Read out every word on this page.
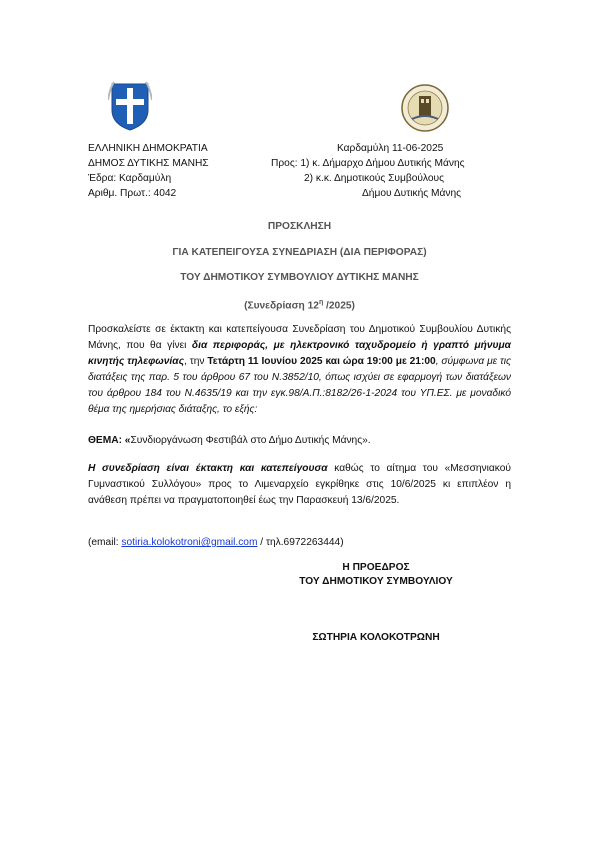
ΕΛΛΗΝΙΚΗ ΔΗΜΟΚΡΑΤΙΑ
ΔΗΜΟΣ ΔΥΤΙΚΗΣ ΜΑΝΗΣ
Έδρα: Καρδαμύλη
Αριθμ. Πρωτ.: 4042
Καρδαμύλη 11-06-2025
Προς: 1) κ. Δήμαρχο Δήμου Δυτικής Μάνης
2) κ.κ. Δημοτικούς Συμβούλους
Δήμου Δυτικής Μάνης
ΠΡΟΣΚΛΗΣΗ
ΓΙΑ ΚΑΤΕΠΕΙΓΟΥΣΑ ΣΥΝΕΔΡΙΑΣΗ (ΔΙΑ ΠΕΡΙΦΟΡΑΣ)
ΤΟΥ ΔΗΜΟΤΙΚΟΥ ΣΥΜΒΟΥΛΙΟΥ ΔΥΤΙΚΗΣ ΜΑΝΗΣ
(Συνεδρίαση $12^\eta$ /2025)
Προσκαλείστε σε έκτακτη και κατεπείγουσα Συνεδρίαση του Δημοτικού Συμβουλίου Δυτικής Μάνης, που θα γίνει δια περιφοράς, με ηλεκτρονικό ταχυδρομείο ή γραπτό μήνυμα κινητής τηλεφωνίας, την Τετάρτη 11 Ιουνίου 2025 και ώρα 19:00 με 21:00, σύμφωνα με τις διατάξεις της παρ. 5 του άρθρου 67 του Ν.3852/10, όπως ισχύει σε εφαρμογή των διατάξεων του άρθρου 184 του Ν.4635/19 και την εγκ.98/Α.Π.:8182/26-1-2024 του ΥΠ.ΕΣ. με μοναδικό θέμα της ημερήσιας διάταξης, το εξής:
ΘΕΜΑ: «Συνδιοργάνωση Φεστιβάλ στο Δήμο Δυτικής Μάνης».
Η συνεδρίαση είναι έκτακτη και κατεπείγουσα καθώς το αίτημα του «Μεσσηνιακού Γυμναστικού Συλλόγου» προς το Λιμεναρχείο εγκρίθηκε στις 10/6/2025 κι επιπλέον η ανάθεση πρέπει να πραγματοποιηθεί έως την Παρασκευή 13/6/2025.
(email: sotiria.kolokotroni@gmail.com / τηλ.6972263444)
Η ΠΡΟΕΔΡΟΣ
ΤΟΥ ΔΗΜΟΤΙΚΟΥ ΣΥΜΒΟΥΛΙΟΥ
ΣΩΤΗΡΙΑ ΚΟΛΟΚΟΤΡΩΝΗ
